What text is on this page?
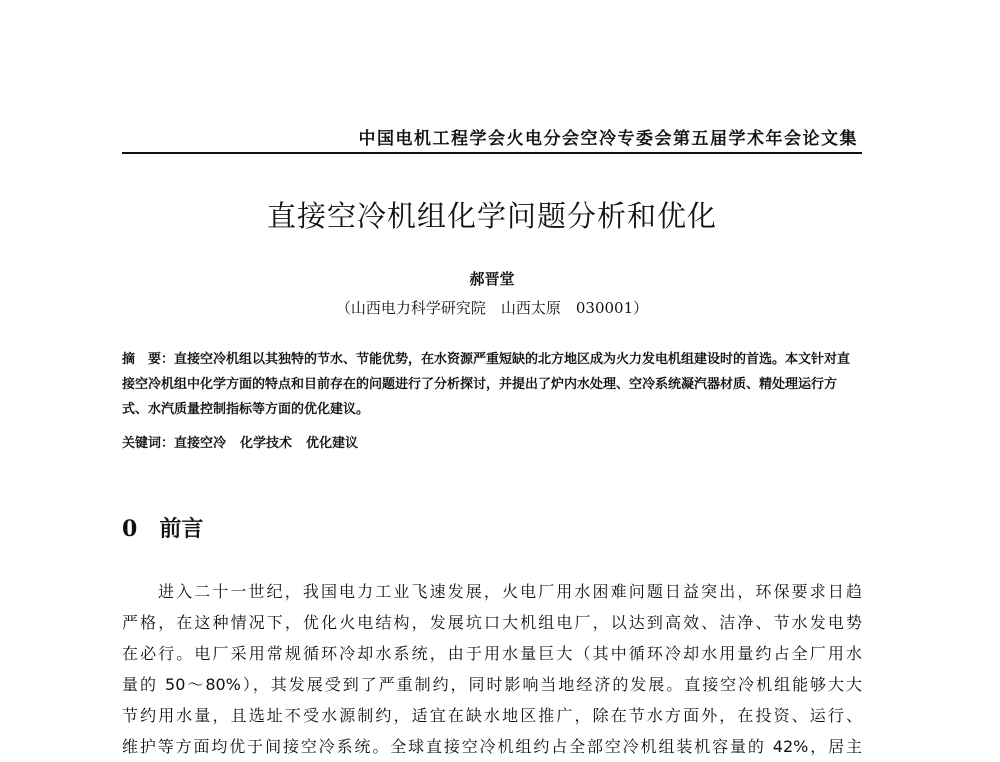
中国电机工程学会火电分会空冷专委会第五届学术年会论文集
直接空冷机组化学问题分析和优化
郝晋堂
（山西电力科学研究院　山西太原　030001）

摘　要：直接空冷机组以其独特的节水、节能优势，在水资源严重短缺的北方地区成为火力发电机组建设时的首选。本文针对直接空冷机组中化学方面的特点和目前存在的问题进行了分析探讨，并提出了炉内水处理、空冷系统凝汽器材质、精处理运行方式、水汽质量控制指标等方面的优化建议。

关键词：直接空冷 化学技术 优化建议

0 前言

进入二十一世纪，我国电力工业飞速发展，火电厂用水困难问题日益突出，环保要求日趋
严格，在这种情况下，优化火电结构，发展坑口大机组电厂，以达到高效、洁净、节水发电势
在必行。电厂采用常规循环冷却水系统，由于用水量巨大（其中循环冷却水用量约占全厂用水
量的 50～80%），其发展受到了严重制约，同时影响当地经济的发展。直接空冷机组能够大大
节约用水量，且选址不受水源制约，适宜在缺水地区推广，除在节水方面外，在投资、运行、
维护等方面均优于间接空冷系统。全球直接空冷机组约占全部空冷机组装机容量的 42%，居主
